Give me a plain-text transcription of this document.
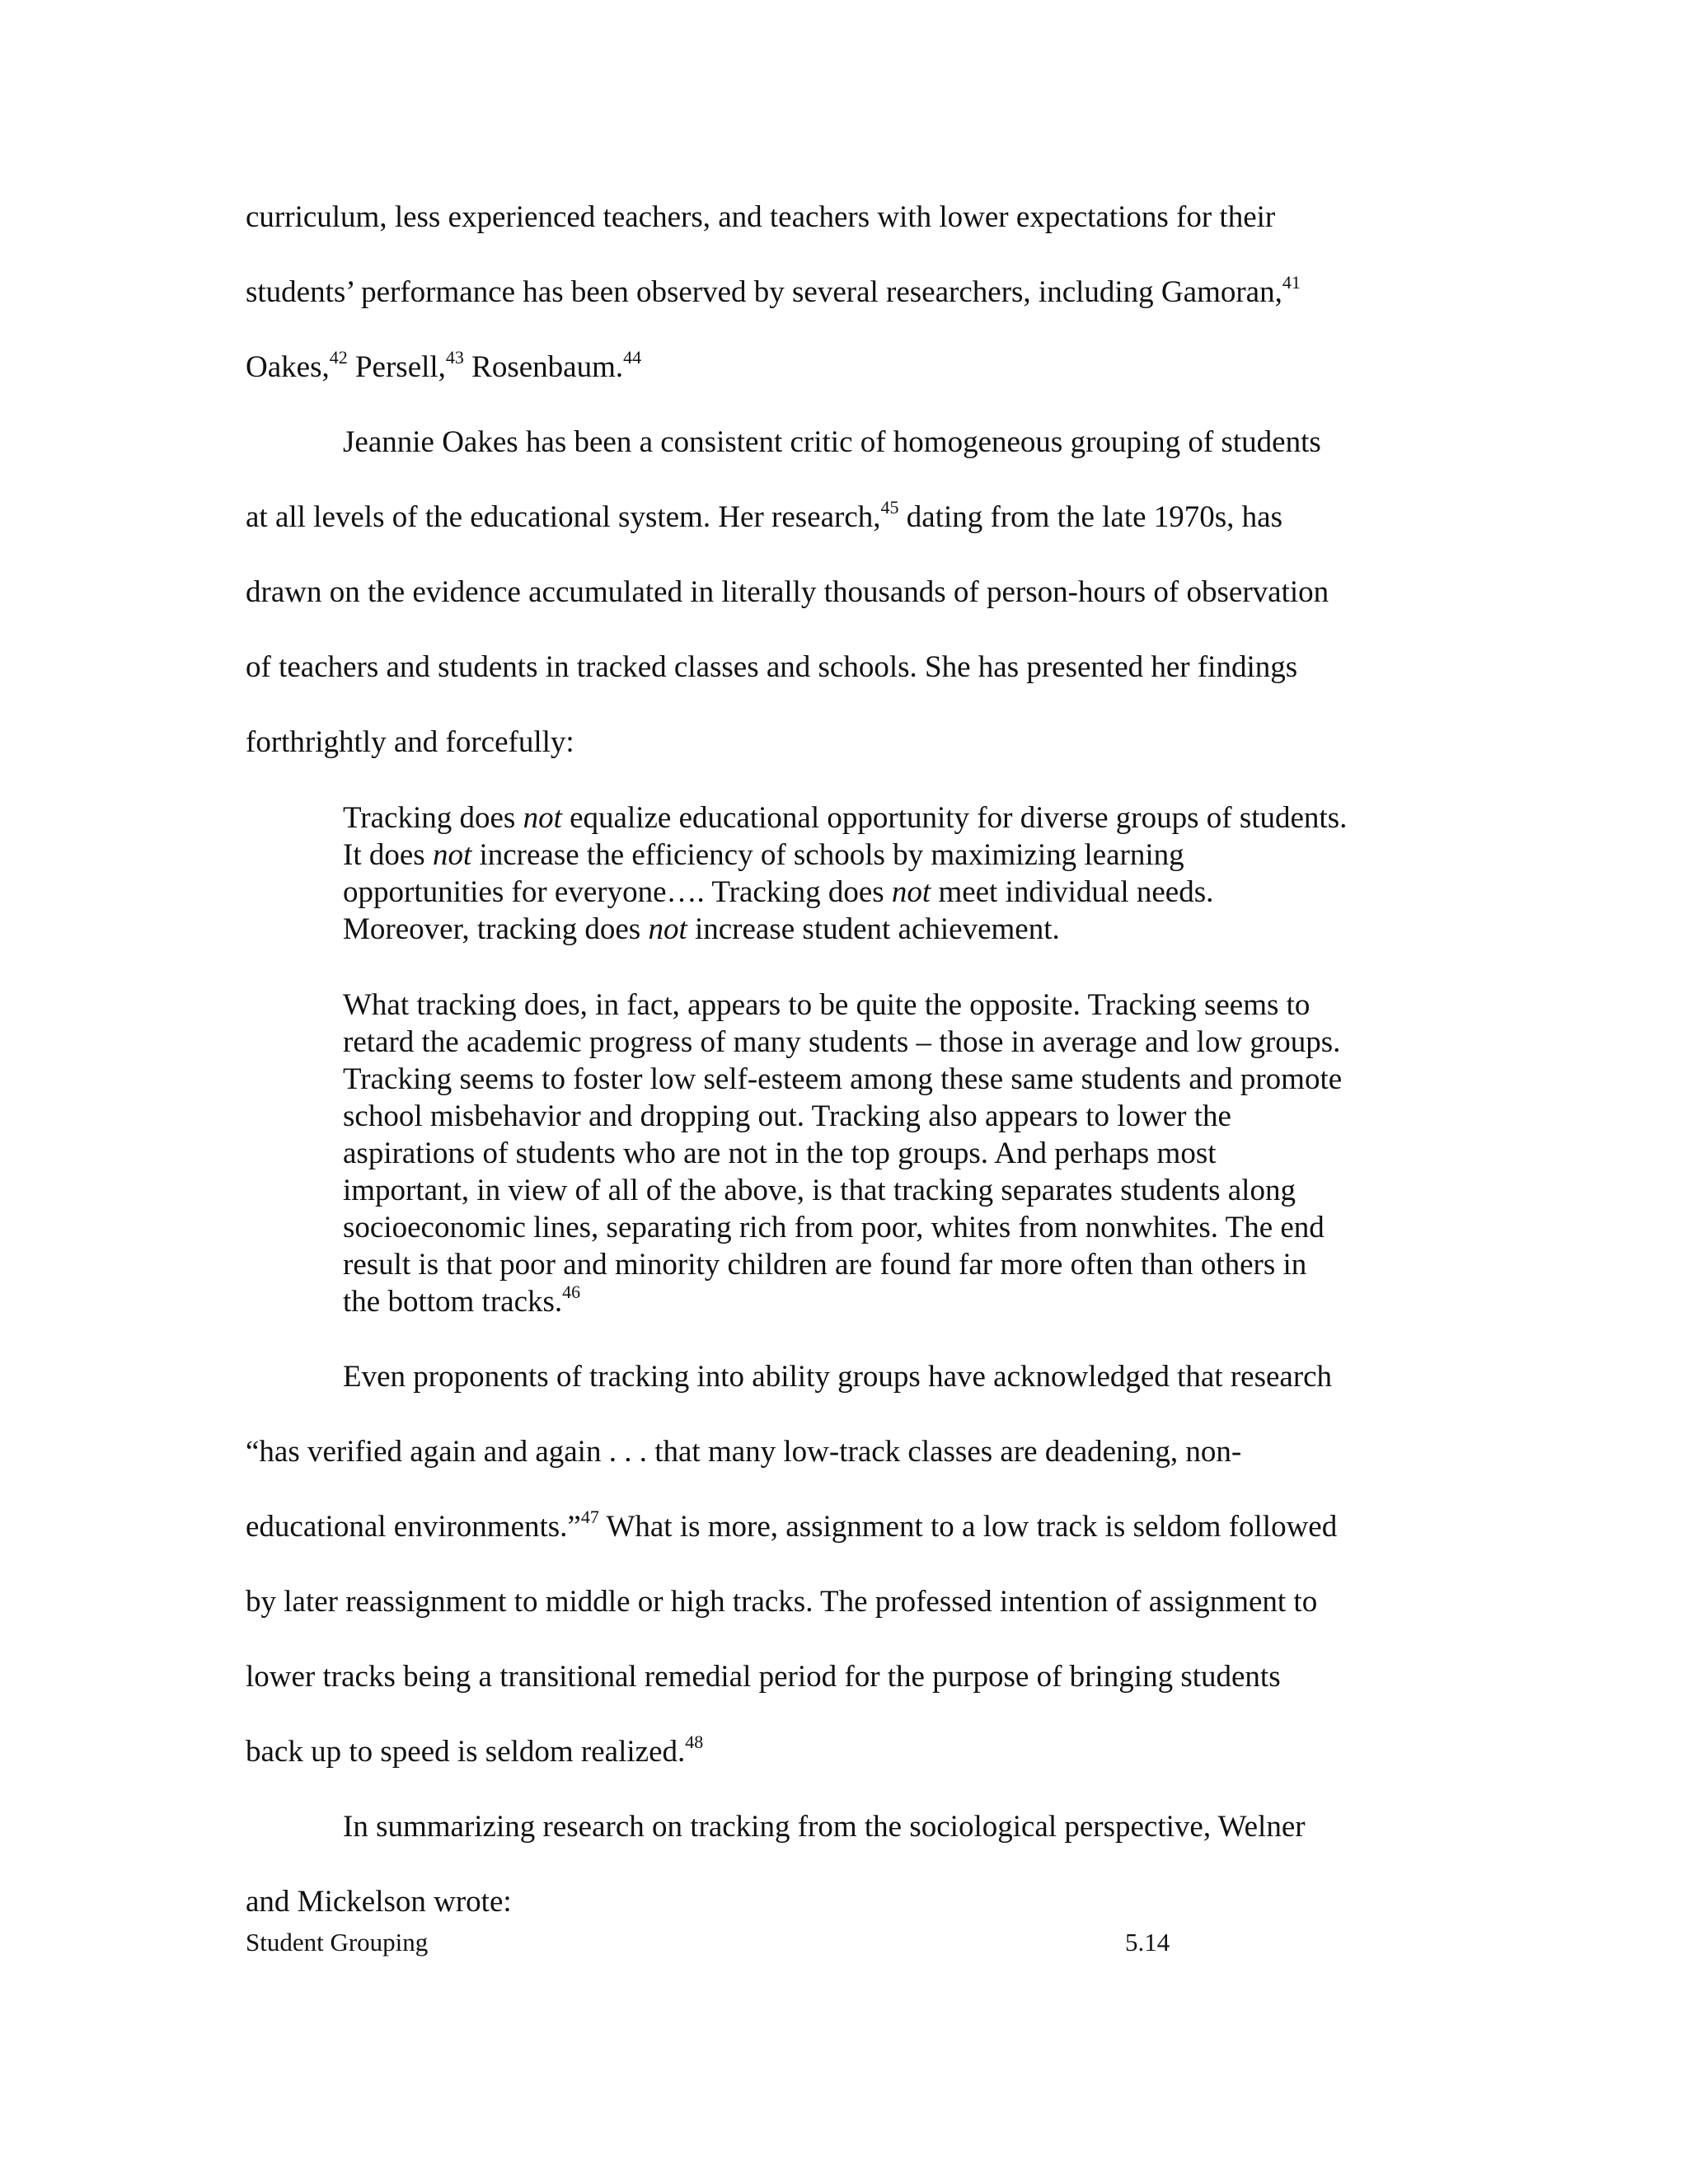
curriculum, less experienced teachers, and teachers with lower expectations for their
students’ performance has been observed by several researchers, including Gamoran,$^{41}$
Oakes,$^{42}$ Persell,$^{43}$ Rosenbaum.$^{44}$
Jeannie Oakes has been a consistent critic of homogeneous grouping of students
at all levels of the educational system. Her research,$^{45}$ dating from the late 1970s, has
drawn on the evidence accumulated in literally thousands of person-hours of observation
of teachers and students in tracked classes and schools. She has presented her findings
forthrightly and forcefully:
Tracking does not equalize educational opportunity for diverse groups of students.
It does not increase the efficiency of schools by maximizing learning
opportunities for everyone…. Tracking does not meet individual needs.
Moreover, tracking does not increase student achievement.
What tracking does, in fact, appears to be quite the opposite. Tracking seems to
retard the academic progress of many students – those in average and low groups.
Tracking seems to foster low self-esteem among these same students and promote
school misbehavior and dropping out. Tracking also appears to lower the
aspirations of students who are not in the top groups. And perhaps most
important, in view of all of the above, is that tracking separates students along
socioeconomic lines, separating rich from poor, whites from nonwhites. The end
result is that poor and minority children are found far more often than others in
the bottom tracks.$^{46}$
Even proponents of tracking into ability groups have acknowledged that research
“has verified again and again . . . that many low-track classes are deadening, non-
educational environments.”$^{47}$ What is more, assignment to a low track is seldom followed
by later reassignment to middle or high tracks. The professed intention of assignment to
lower tracks being a transitional remedial period for the purpose of bringing students
back up to speed is seldom realized.$^{48}$
In summarizing research on tracking from the sociological perspective, Welner
and Mickelson wrote:
Student Grouping	5.14
